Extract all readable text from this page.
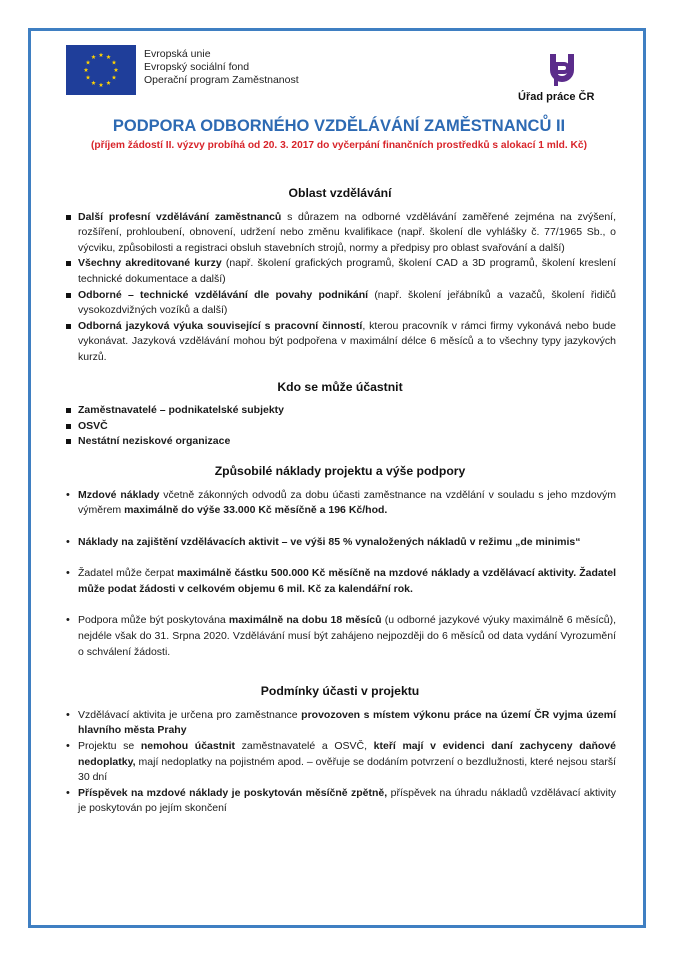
Evropská unie
Evropský sociální fond
Operační program Zaměstnanost
Úřad práce ČR
PODPORA ODBORNÉHO VZDĚLÁVÁNÍ ZAMĚSTNANCŮ II
(příjem žádostí II. výzvy probíhá od 20. 3. 2017 do vyčerpání finančních prostředků s alokací 1 mld. Kč)
Oblast vzdělávání
Další profesní vzdělávání zaměstnanců s důrazem na odborné vzdělávání zaměřené zejména na zvýšení, rozšíření, prohloubení, obnovení, udržení nebo změnu kvalifikace (např. školení dle vyhlášky č. 77/1965 Sb., o výcviku, způsobilosti a registraci obsluh stavebních strojů, normy a předpisy pro oblast svařování a další)
Všechny akreditované kurzy (např. školení grafických programů, školení CAD a 3D programů, školení kreslení technické dokumentace a další)
Odborné – technické vzdělávání dle povahy podnikání (např. školení jeřábníků a vazačů, školení řidičů vysokozdvižných vozíků a další)
Odborná jazyková výuka související s pracovní činností, kterou pracovník v rámci firmy vykonává nebo bude vykonávat. Jazyková vzdělávání mohou být podpořena v maximální délce 6 měsíců a to všechny typy jazykových kurzů.
Kdo se může účastnit
Zaměstnavatelé – podnikatelské subjekty
OSVČ
Nestátní neziskové organizace
Způsobilé náklady projektu a výše podpory
• Mzdové náklady včetně zákonných odvodů za dobu účasti zaměstnance na vzdělání v souladu s jeho mzdovým výměrem maximálně do výše 33.000 Kč měsíčně a 196 Kč/hod.
• Náklady na zajištění vzdělávacích aktivit – ve výši 85 % vynaložených nákladů v režimu „de minimis“
• Žadatel může čerpat maximálně částku 500.000 Kč měsíčně na mzdové náklady a vzdělávací aktivity. Žadatel může podat žádosti v celkovém objemu 6 mil. Kč za kalendářní rok.
• Podpora může být poskytována maximálně na dobu 18 měsíců (u odborné jazykové výuky maximálně 6 měsíců), nejdéle však do 31. Srpna 2020. Vzdělávání musí být zahájeno nejpozději do 6 měsíců od data vydání Vyrozumění o schválení žádosti.
Podmínky účasti v projektu
• Vzdělávací aktivita je určena pro zaměstnance provozoven s místem výkonu práce na území ČR vyjma území hlavního města Prahy
• Projektu se nemohou účastnit zaměstnavatelé a OSVČ, kteří mají v evidenci daní zachyceny daňové nedoplatky, mají nedoplatky na pojistném apod. – ověřuje se dodáním potvrzení o bezdlužnosti, které nejsou starší 30 dní
• Příspěvek na mzdové náklady je poskytován měsíčně zpětně, příspěvek na úhradu nákladů vzdělávací aktivity je poskytován po jejím skončení
